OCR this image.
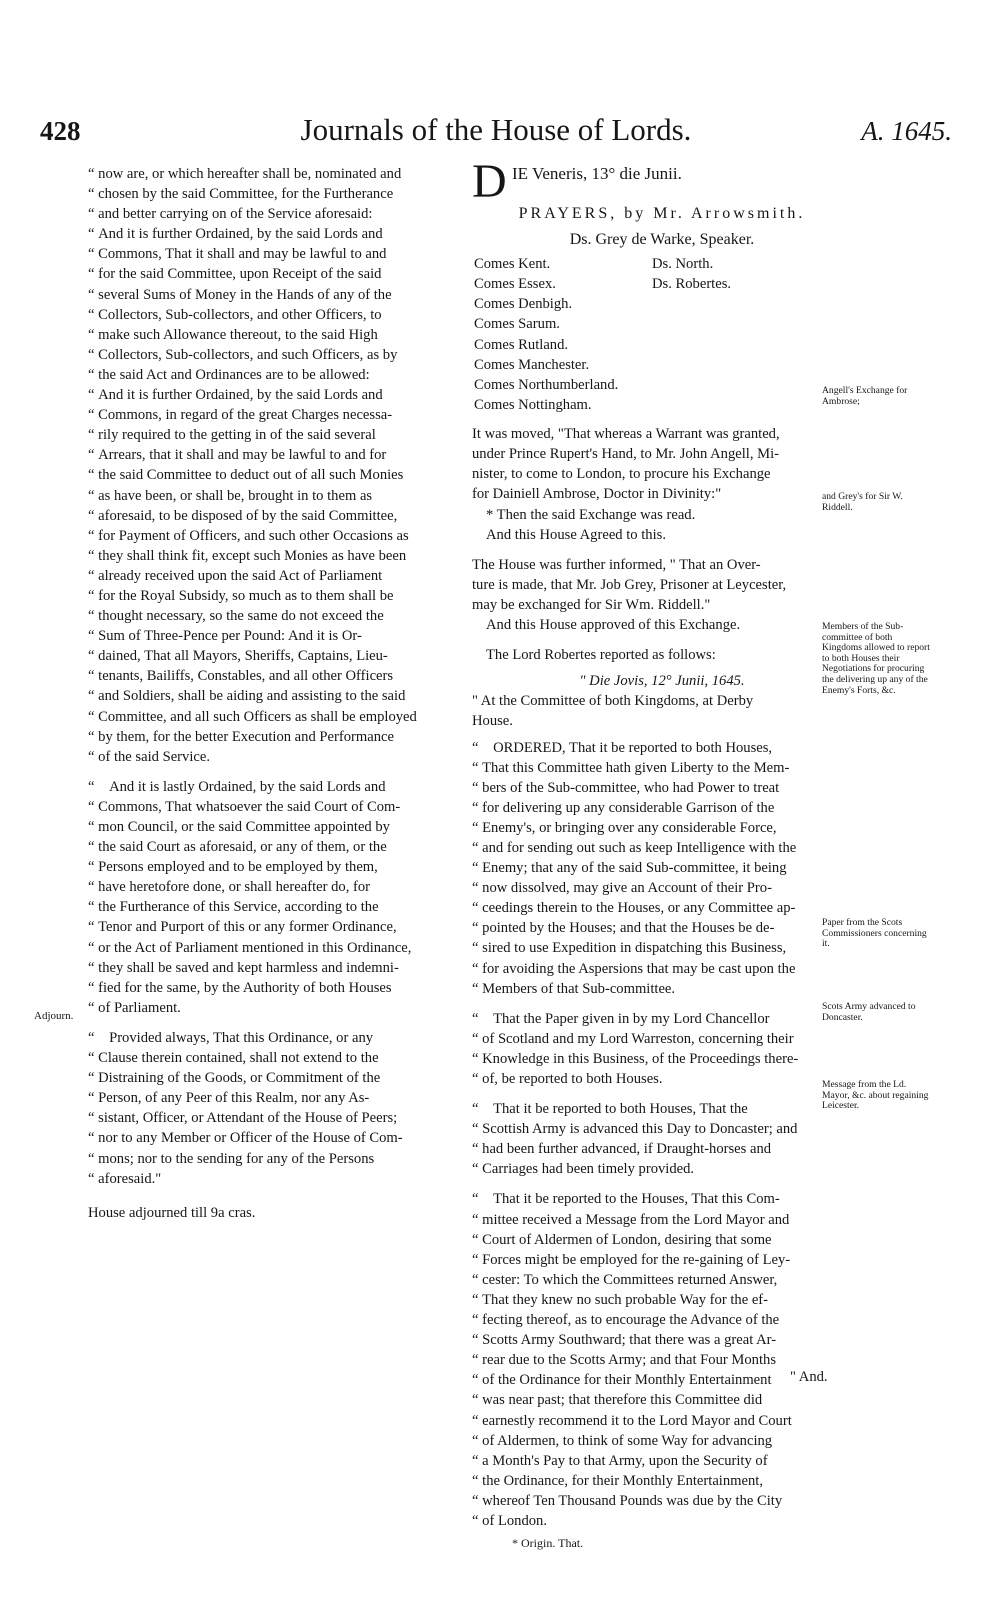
428	Journals of the House of Lords.	A. 1645.
“ now are, or which hereafter shall be, nominated and
“ chosen by the said Committee, for the Furtherance
“ and better carrying on of the Service aforesaid:
“ And it is further Ordained, by the said Lords and
“ Commons, That it shall and may be lawful to and
“ for the said Committee, upon Receipt of the said
“ several Sums of Money in the Hands of any of the
“ Collectors, Sub-collectors, and other Officers, to
“ make such Allowance thereout, to the said High
“ Collectors, Sub-collectors, and such Officers, as by
“ the said Act and Ordinances are to be allowed:
“ And it is further Ordained, by the said Lords and
“ Commons, in regard of the great Charges necessa-
“ rily required to the getting in of the said several
“ Arrears, that it shall and may be lawful to and for
“ the said Committee to deduct out of all such Monies
“ as have been, or shall be, brought in to them as
“ aforesaid, to be disposed of by the said Committee,
“ for Payment of Officers, and such other Occasions as
“ they shall think fit, except such Monies as have been
“ already received upon the said Act of Parliament
“ for the Royal Subsidy, so much as to them shall be
“ thought necessary, so the same do not exceed the
“ Sum of Three-Pence per Pound: And it is Or-
“ dained, That all Mayors, Sheriffs, Captains, Lieu-
“ tenants, Bailiffs, Constables, and all other Officers
“ and Soldiers, shall be aiding and assisting to the said
“ Committee, and all such Officers as shall be employed
“ by them, for the better Execution and Performance
“ of the said Service.
“    And it is lastly Ordained, by the said Lords and
“ Commons, That whatsoever the said Court of Com-
“ mon Council, or the said Committee appointed by
“ the said Court as aforesaid, or any of them, or the
“ Persons employed and to be employed by them,
“ have heretofore done, or shall hereafter do, for
“ the Furtherance of this Service, according to the
“ Tenor and Purport of this or any former Ordinance,
“ or the Act of Parliament mentioned in this Ordinance,
“ they shall be saved and kept harmless and indemni-
“ fied for the same, by the Authority of both Houses
“ of Parliament.
“    Provided always, That this Ordinance, or any
“ Clause therein contained, shall not extend to the
“ Distraining of the Goods, or Commitment of the
“ Person, of any Peer of this Realm, nor any As-
“ sistant, Officer, or Attendant of the House of Peers;
“ nor to any Member or Officer of the House of Com-
“ mons; nor to the sending for any of the Persons
“ aforesaid."
House adjourned till 9a cras.
Adjourn.
D IE Veneris, 13° die Junii.
PRAYERS, by Mr. Arrowsmith.
Ds. Grey de Warke, Speaker.
Comes Kent.
Comes Essex.
Comes Denbigh.
Comes Sarum.
Comes Rutland.
Comes Manchester.
Comes Northumberland.
Comes Nottingham.
Ds. North.
Ds. Robertes.
It was moved, "That whereas a Warrant was granted,
under Prince Rupert's Hand, to Mr. John Angell, Mi-
nister, to come to London, to procure his Exchange
for Dainiell Ambrose, Doctor in Divinity:"
* Then the said Exchange was read.
And this House Agreed to this.
The House was further informed, " That an Over-
ture is made, that Mr. Job Grey, Prisoner at Leycester,
may be exchanged for Sir Wm. Riddell."
And this House approved of this Exchange.
The Lord Robertes reported as follows:
" Die Jovis, 12° Junii, 1645.
" At the Committee of both Kingdoms, at Derby
House.
“    ORDERED, That it be reported to both Houses,
“ That this Committee hath given Liberty to the Mem-
“ bers of the Sub-committee, who had Power to treat
“ for delivering up any considerable Garrison of the
“ Enemy's, or bringing over any considerable Force,
“ and for sending out such as keep Intelligence with the
“ Enemy; that any of the said Sub-committee, it being
“ now dissolved, may give an Account of their Pro-
“ ceedings therein to the Houses, or any Committee ap-
“ pointed by the Houses; and that the Houses be de-
“ sired to use Expedition in dispatching this Business,
“ for avoiding the Aspersions that may be cast upon the
“ Members of that Sub-committee.
“    That the Paper given in by my Lord Chancellor
“ of Scotland and my Lord Warreston, concerning their
“ Knowledge in this Business, of the Proceedings there-
“ of, be reported to both Houses.
“    That it be reported to both Houses, That the
“ Scottish Army is advanced this Day to Doncaster; and
“ had been further advanced, if Draught-horses and
“ Carriages had been timely provided.
“    That it be reported to the Houses, That this Com-
“ mittee received a Message from the Lord Mayor and
“ Court of Aldermen of London, desiring that some
“ Forces might be employed for the re-gaining of Ley-
“ cester: To which the Committees returned Answer,
“ That they knew no such probable Way for the ef-
“ fecting thereof, as to encourage the Advance of the
“ Scotts Army Southward; that there was a great Ar-
“ rear due to the Scotts Army; and that Four Months
“ of the Ordinance for their Monthly Entertainment
“ was near past; that therefore this Committee did
“ earnestly recommend it to the Lord Mayor and Court
“ of Aldermen, to think of some Way for advancing
“ a Month's Pay to that Army, upon the Security of
“ the Ordinance, for their Monthly Entertainment,
“ whereof Ten Thousand Pounds was due by the City
“ of London.
* Origin. That.
Angell's Exchange for Ambrose;
and Grey's for Sir W. Riddell.
Members of the Sub-committee of both Kingdoms allowed to report to both Houses their Negotiations for procuring the delivering up any of the Enemy's Forts, &c.
Paper from the Scots Commissioners concerning it.
Scots Army advanced to Doncaster.
Message from the Ld. Mayor, &c. about regaining Leicester.
" And.
